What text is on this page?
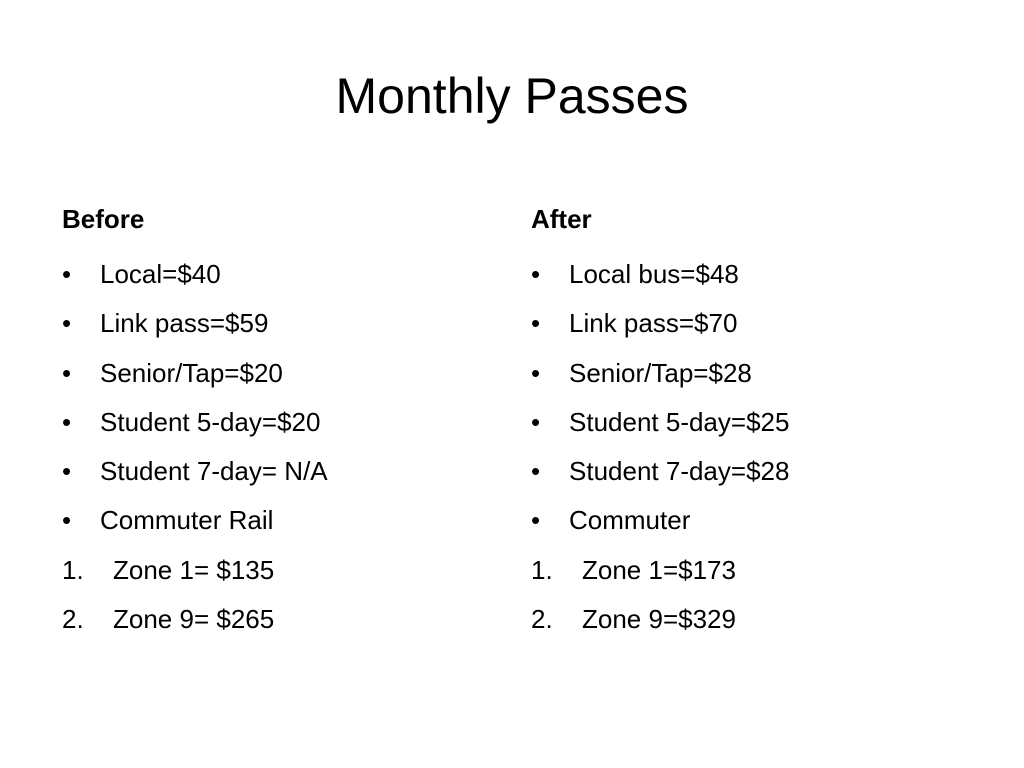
Monthly Passes
Before
•	Local=$40
•	Link pass=$59
•	Senior/Tap=$20
•	Student 5-day=$20
•	Student 7-day= N/A
•	Commuter Rail
1.	Zone 1= $135
2.	Zone 9= $265
After
•	Local bus=$48
•	Link pass=$70
•	Senior/Tap=$28
•	Student 5-day=$25
•	Student 7-day=$28
•	Commuter
1.	Zone 1=$173
2.	Zone 9=$329
